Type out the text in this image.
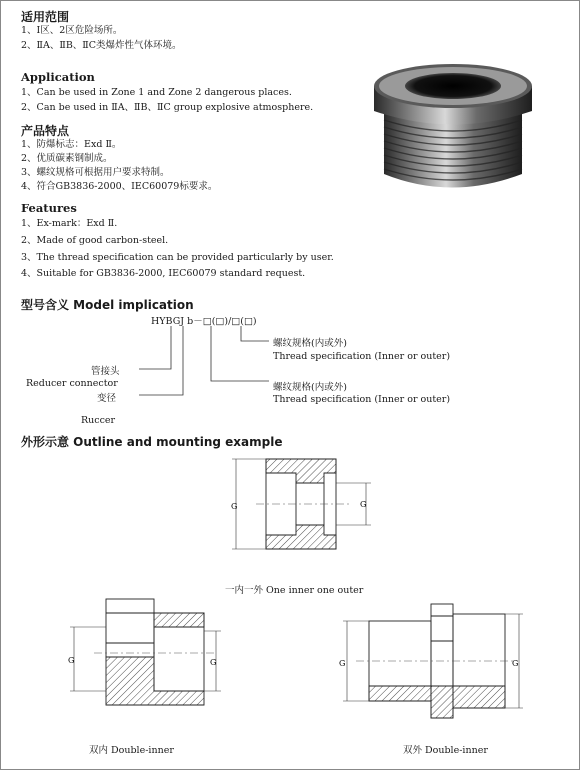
适用范围
1、Ⅰ区、2区危险场所。
2、ⅡA、ⅡB、ⅡC类爆炸性气体环境。
Application
1、Can be used in Zone 1 and Zone 2 dangerous places.
2、Can be used in ⅡA、ⅡB、ⅡC group explosive atmosphere.
产品特点
1、防爆标志：Exd Ⅱ。
2、优质碳素钢制成。
3、螺纹规格可根据用户要求特制。
4、符合GB3836-2000、IEC60079标要求。
Features
1、Ex-mark：Exd Ⅱ.
2、Made of good carbon-steel.
3、The thread specification can be provided particularly by user.
4、Suitable for GB3836-2000, IEC60079 standard request.
型号含义 Model implication
HYBGJ b－□(□)/□(□)
螺纹规格(内或外)
Thread specification (Inner or outer)
管接头
Reducer connector	螺纹规格(内或外)
Thread specification (Inner or outer)
变径
Ruccer
外形示意 Outline and mounting example
G	G
一内一外 One inner one outer
G	G
双内 Double-inner
G	G
双外 Double-inner
